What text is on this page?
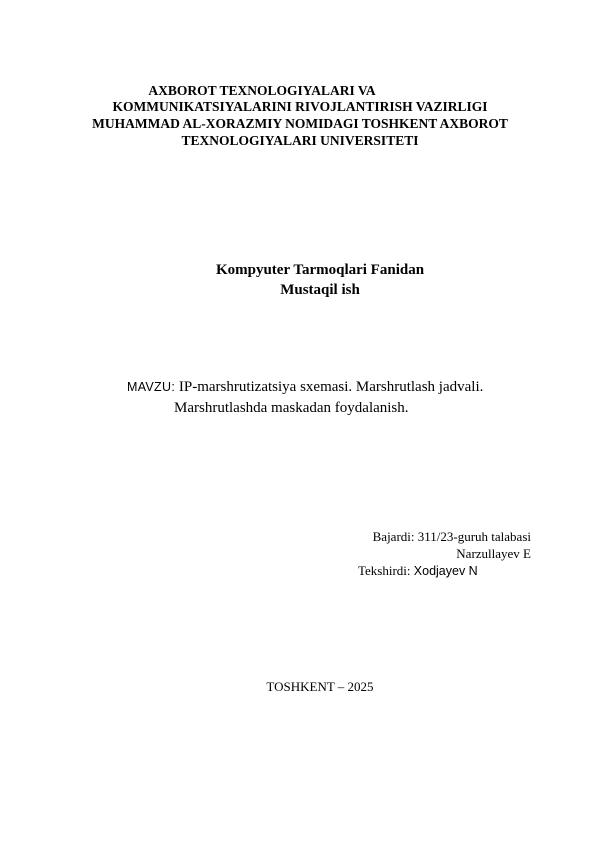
AXBOROT TEXNOLOGIYALARI VA
KOMMUNIKATSIYALARINI RIVOJLANTIRISH VAZIRLIGI
MUHAMMAD AL-XORAZMIY NOMIDAGI TOSHKENT AXBOROT
TEXNOLOGIYALARI UNIVERSITETI
Kompyuter Tarmoqlari Fanidan
Mustaqil ish
MAVZU: IP-marshrutizatsiya sxemasi. Marshrutlash jadvali.
Marshrutlashda maskadan foydalanish.
Bajardi: 311/23-guruh talabasi
Narzullayev E
Tekshirdi: Xodjayev N
TOSHKENT – 2025
